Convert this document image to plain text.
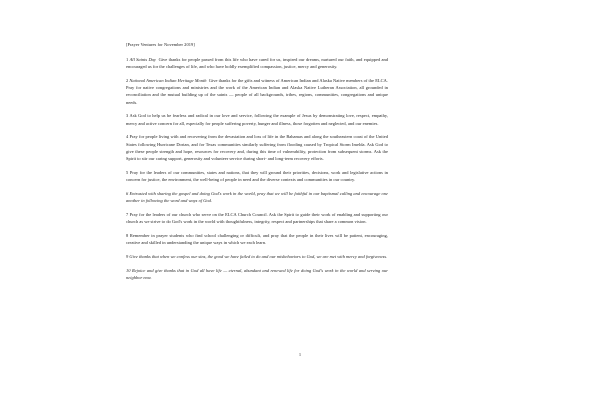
[Prayer Ventures for November 2019]

1 All Saints Day Give thanks for people passed from this life who have cared for us, inspired our dreams, nurtured our faith, and equipped and encouraged us for the challenges of life, and who have boldly exemplified compassion, justice, mercy and generosity.

2 National American Indian Heritage Month Give thanks for the gifts and witness of American Indian and Alaska Native members of the ELCA. Pray for native congregations and ministries and the work of the American Indian and Alaska Native Lutheran Association, all grounded in reconciliation and the mutual building up of the saints — people of all backgrounds, tribes, regions, communities, congregations and unique needs.

3 Ask God to help us be fearless and radical in our love and service, following the example of Jesus by demonstrating love, respect, empathy, mercy and active concern for all, especially for people suffering poverty, hunger and illness, those forgotten and neglected, and our enemies.

4 Pray for people living with and recovering from the devastation and loss of life in the Bahamas and along the southeastern coast of the United States following Hurricane Dorian, and for Texas communities similarly suffering from flooding caused by Tropical Storm Imelda. Ask God to give these people strength and hope, resources for recovery and, during this time of vulnerability, protection from subsequent storms. Ask the Spirit to stir our caring support, generosity and volunteer service during short- and long-term recovery efforts.

5 Pray for the leaders of our communities, states and nations, that they will ground their priorities, decisions, work and legislative actions in concern for justice, the environment, the well-being of people in need and the diverse contexts and communities in our country.

6 Entrusted with sharing the gospel and doing God's work in the world, pray that we will be faithful in our baptismal calling and encourage one another in following the word and ways of God.

7 Pray for the leaders of our church who serve on the ELCA Church Council. Ask the Spirit to guide their work of enabling and supporting our church as we strive to do God's work in the world with thoughtfulness, integrity, respect and partnerships that share a common vision.

8 Remember in prayer students who find school challenging or difficult, and pray that the people in their lives will be patient, encouraging, creative and skilled in understanding the unique ways in which we each learn.

9 Give thanks that when we confess our sins, the good we have failed to do and our misbehaviors to God, we are met with mercy and forgiveness.

10 Rejoice and give thanks that in God all have life — eternal, abundant and renewed life for doing God's work in the world and serving our neighbor now.

1
